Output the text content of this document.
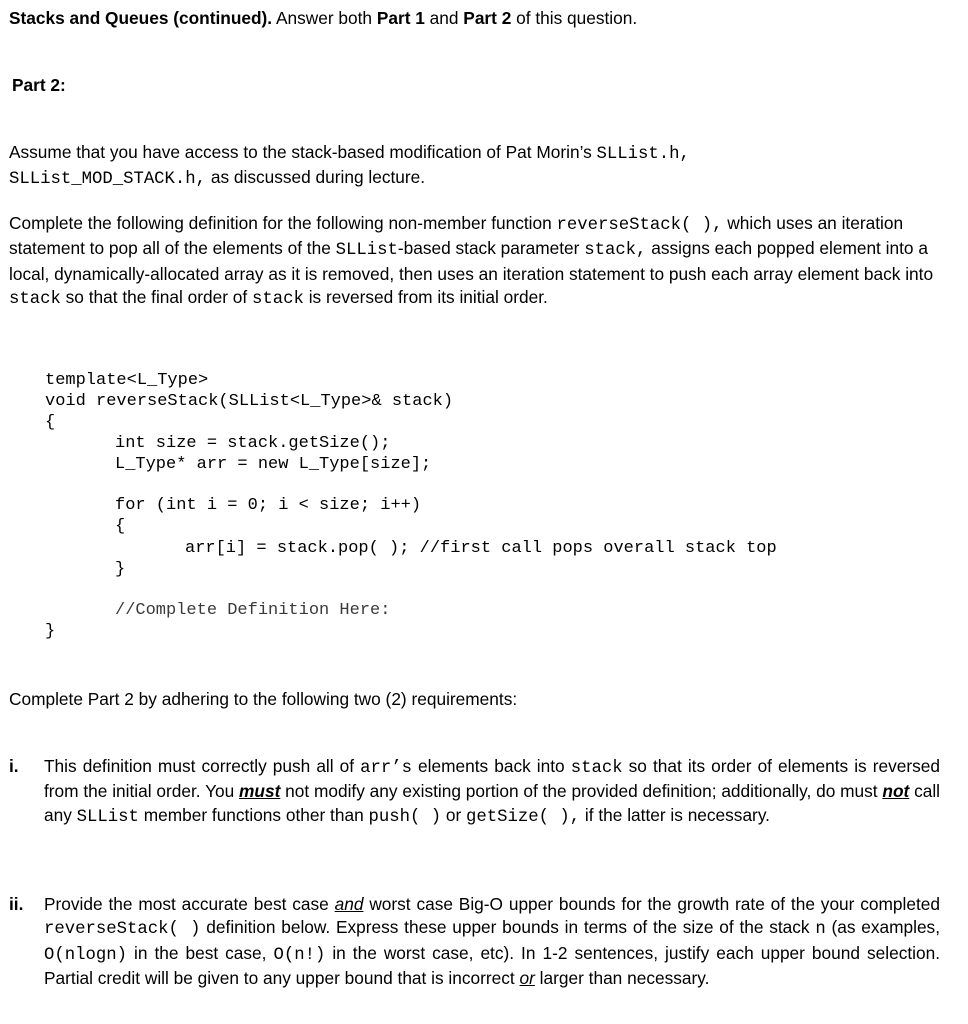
Stacks and Queues (continued). Answer both Part 1 and Part 2 of this question.
Part 2:
Assume that you have access to the stack-based modification of Pat Morin’s SLList.h,
SLList_MOD_STACK.h, as discussed during lecture.
Complete the following definition for the following non-member function reverseStack( ), which uses an iteration statement to pop all of the elements of the SLList-based stack parameter stack, assigns each popped element into a local, dynamically-allocated array as it is removed, then uses an iteration statement to push each array element back into stack so that the final order of stack is reversed from its initial order.
template<L_Type>
void reverseStack(SLList<L_Type>& stack)
{
int size = stack.getSize();
L_Type* arr = new L_Type[size];
for (int i = 0; i < size; i++)
{
arr[i] = stack.pop( ); //first call pops overall stack top
}
//Complete Definition Here:
}
Complete Part 2 by adhering to the following two (2) requirements:
i. This definition must correctly push all of arr’s elements back into stack so that its order of elements is reversed from the initial order. You must not modify any existing portion of the provided definition; additionally, do must not call any SLList member functions other than push( ) or getSize( ), if the latter is necessary.
ii. Provide the most accurate best case and worst case Big-O upper bounds for the growth rate of the your completed reverseStack( ) definition below. Express these upper bounds in terms of the size of the stack n (as examples, O(nlogn) in the best case, O(n!) in the worst case, etc). In 1-2 sentences, justify each upper bound selection. Partial credit will be given to any upper bound that is incorrect or larger than necessary.
